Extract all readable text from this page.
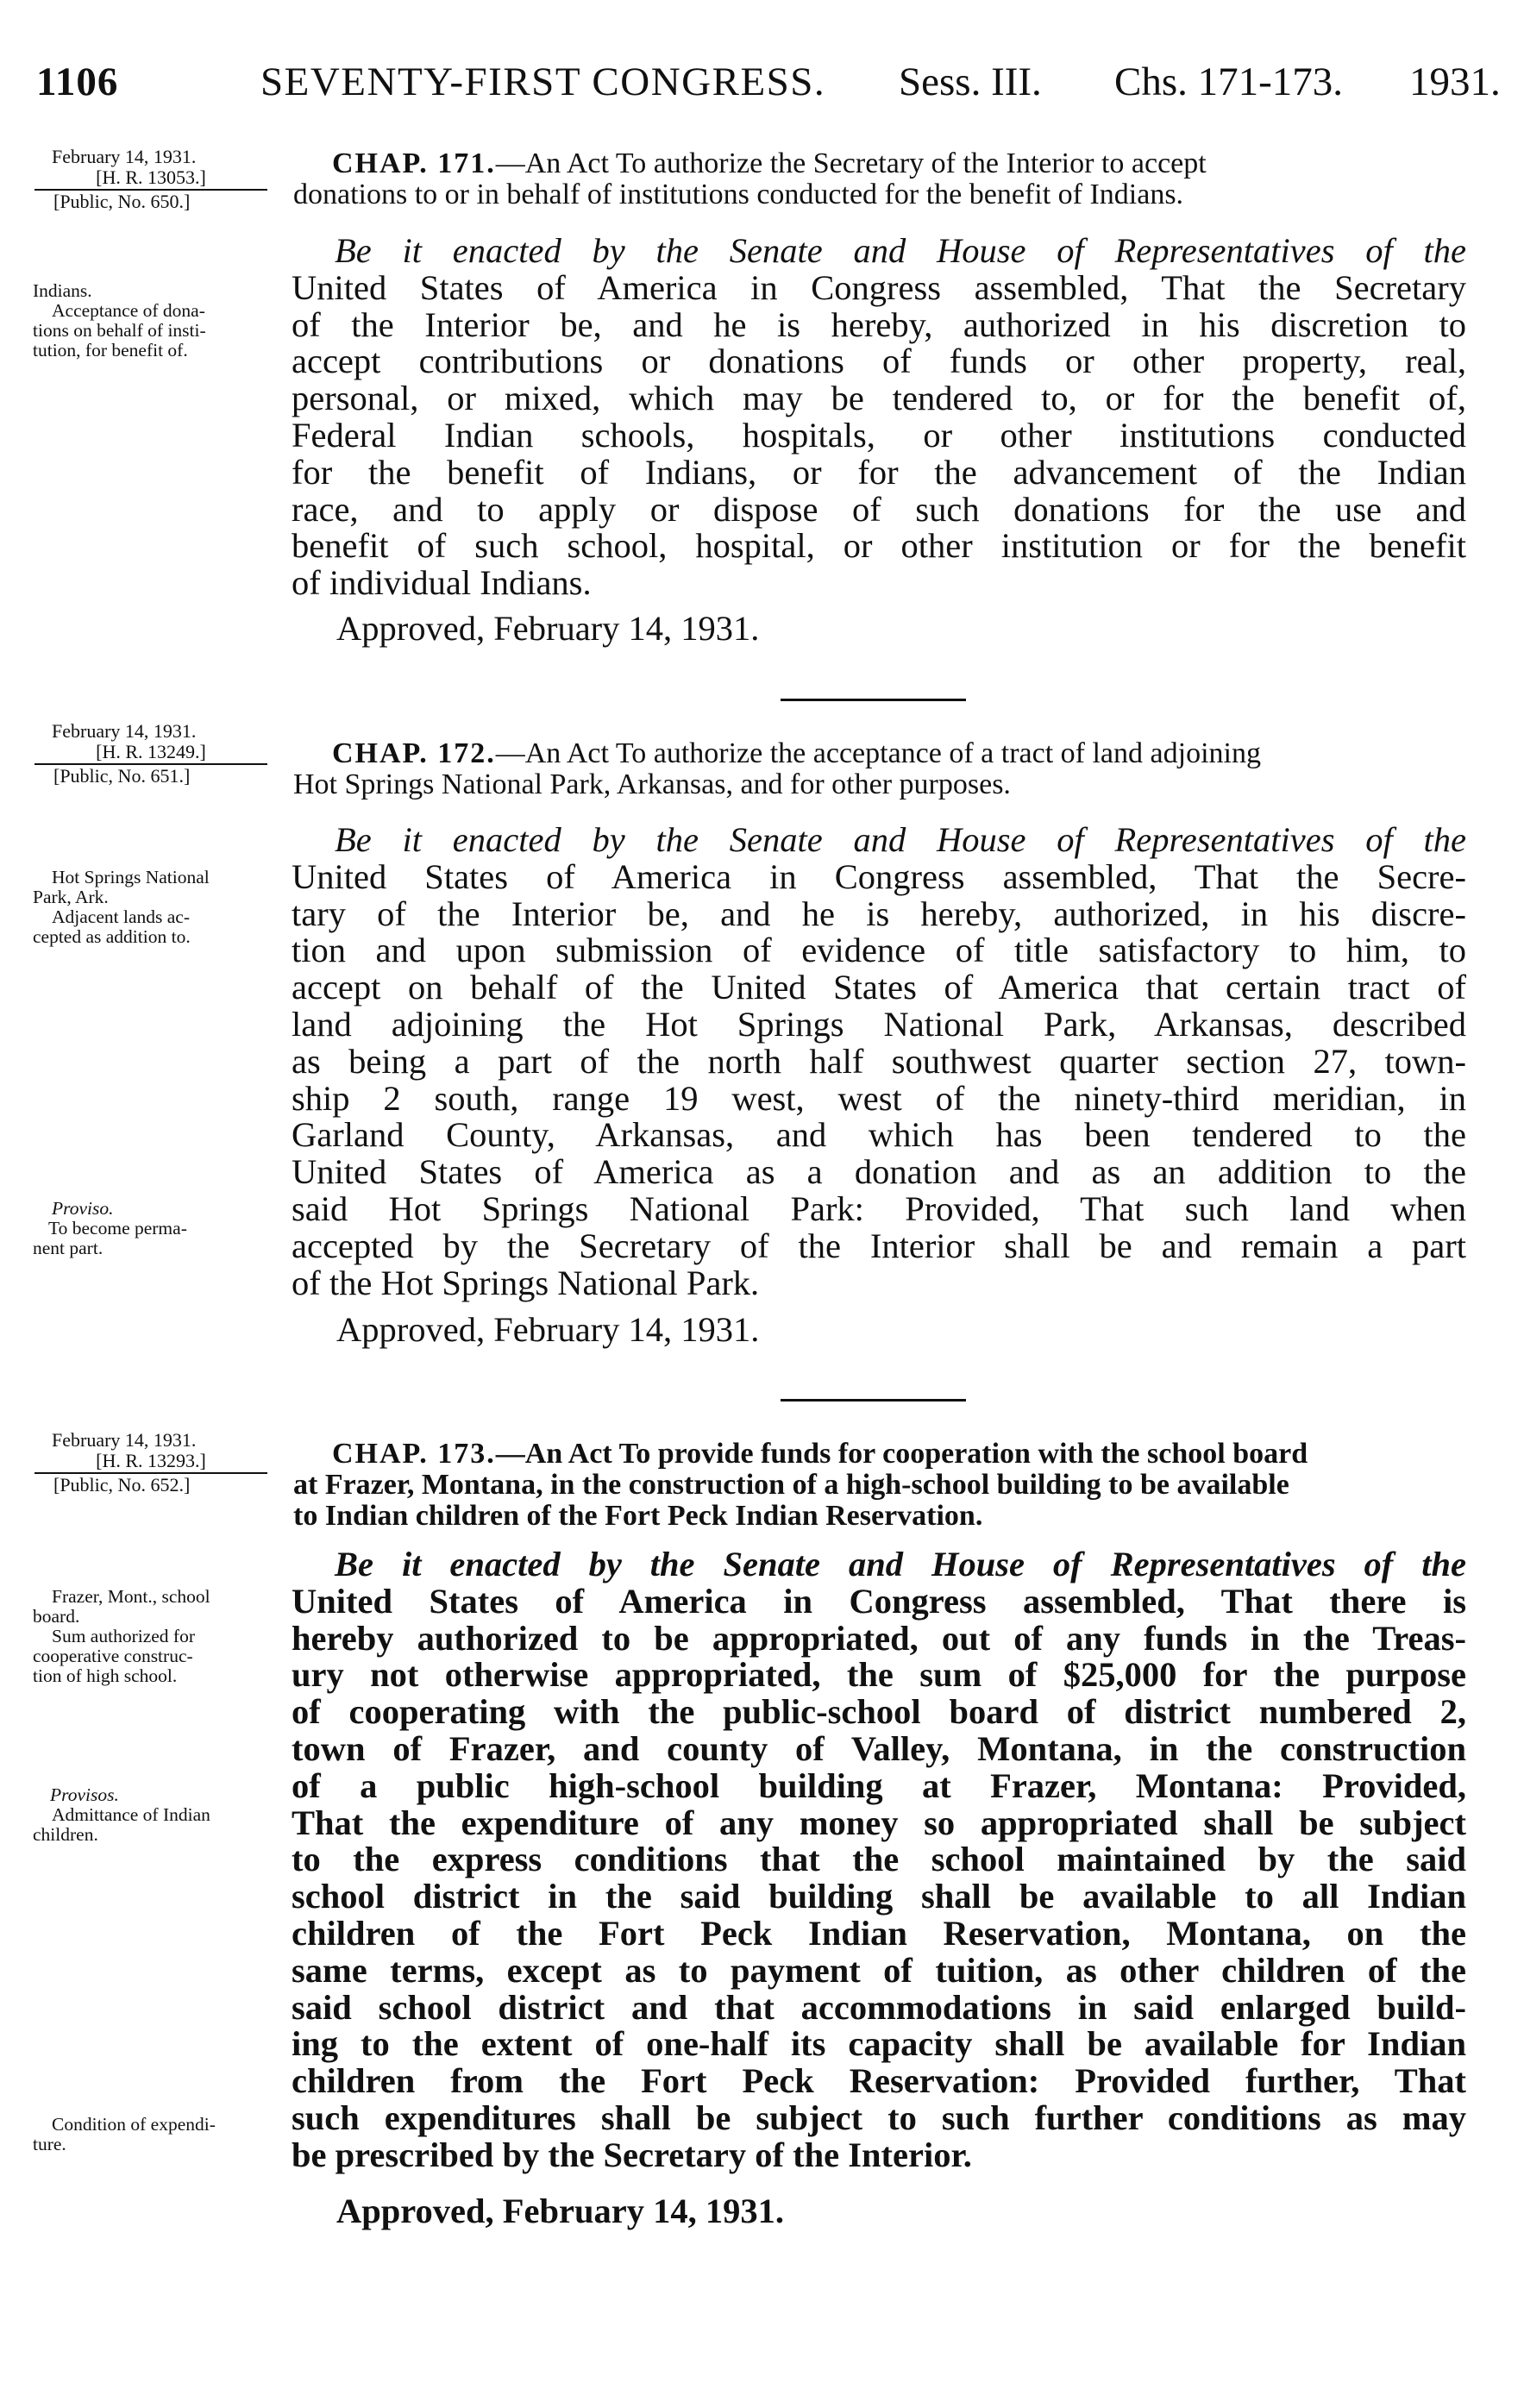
1106	SEVENTY-FIRST CONGRESS. Sess. III. Chs. 171-173. 1931.
February 14, 1931.
[H. R. 13053.]
[Public, No. 650.]
CHAP. 171.—An Act To authorize the Secretary of the Interior to accept
donations to or in behalf of institutions conducted for the benefit of Indians.
Indians.
Acceptance of dona-
tions on behalf of insti-
tution, for benefit of.
Be it enacted by the Senate and House of Representatives of the
United States of America in Congress assembled, That the Secretary
of the Interior be, and he is hereby, authorized in his discretion to
accept contributions or donations of funds or other property, real,
personal, or mixed, which may be tendered to, or for the benefit of,
Federal Indian schools, hospitals, or other institutions conducted
for the benefit of Indians, or for the advancement of the Indian
race, and to apply or dispose of such donations for the use and
benefit of such school, hospital, or other institution or for the benefit
of individual Indians.
Approved, February 14, 1931.
February 14, 1931.
[H. R. 13249.]
[Public, No. 651.]
CHAP. 172.—An Act To authorize the acceptance of a tract of land adjoining
Hot Springs National Park, Arkansas, and for other purposes.
Hot Springs National
Park, Ark.
Adjacent lands ac-
cepted as addition to.
Proviso.
To become perma-
nent part.
Be it enacted by the Senate and House of Representatives of the
United States of America in Congress assembled, That the Secre-
tary of the Interior be, and he is hereby, authorized, in his discre-
tion and upon submission of evidence of title satisfactory to him, to
accept on behalf of the United States of America that certain tract of
land adjoining the Hot Springs National Park, Arkansas, described
as being a part of the north half southwest quarter section 27, town-
ship 2 south, range 19 west, west of the ninety-third meridian, in
Garland County, Arkansas, and which has been tendered to the
United States of America as a donation and as an addition to the
said Hot Springs National Park: Provided, That such land when
accepted by the Secretary of the Interior shall be and remain a part
of the Hot Springs National Park.
Approved, February 14, 1931.
February 14, 1931.
[H. R. 13293.]
[Public, No. 652.]
CHAP. 173.—An Act To provide funds for cooperation with the school board
at Frazer, Montana, in the construction of a high-school building to be available
to Indian children of the Fort Peck Indian Reservation.
Frazer, Mont., school
board.
Sum authorized for
cooperative construc-
tion of high school.
Provisos.
Admittance of Indian
children.
Condition of expendi-
ture.
Be it enacted by the Senate and House of Representatives of the
United States of America in Congress assembled, That there is
hereby authorized to be appropriated, out of any funds in the Treas-
ury not otherwise appropriated, the sum of $25,000 for the purpose
of cooperating with the public-school board of district numbered 2,
town of Frazer, and county of Valley, Montana, in the construction
of a public high-school building at Frazer, Montana: Provided,
That the expenditure of any money so appropriated shall be subject
to the express conditions that the school maintained by the said
school district in the said building shall be available to all Indian
children of the Fort Peck Indian Reservation, Montana, on the
same terms, except as to payment of tuition, as other children of the
said school district and that accommodations in said enlarged build-
ing to the extent of one-half its capacity shall be available for Indian
children from the Fort Peck Reservation: Provided further, That
such expenditures shall be subject to such further conditions as may
be prescribed by the Secretary of the Interior.
Approved, February 14, 1931.
